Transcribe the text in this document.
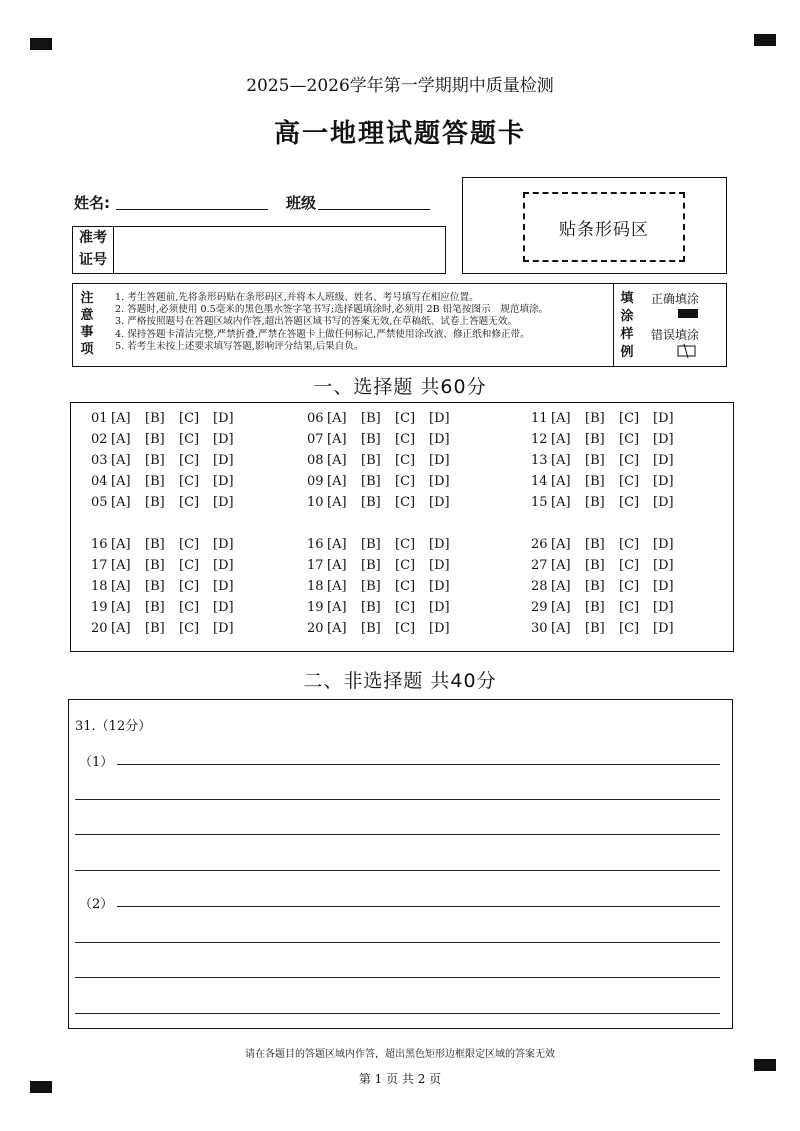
2025—2026学年第一学期期中质量检测
高一地理试题答题卡
姓名:	班级
准考
证号
贴条形码区
注
意
事
项
1. 考生答题前,先将条形码贴在条形码区,并将本人班级、姓名、考号填写在相应位置。
2. 答题时,必须使用 0.5毫米的黑色墨水签字笔书写;选择题填涂时,必须用 2B 铅笔按图示　规范填涂。
3. 严格按照题号在答题区域内作答,超出答题区域书写的答案无效,在草稿纸、试卷上答题无效。
4. 保持答题卡清洁完整,严禁折叠,严禁在答题卡上做任何标记,严禁使用涂改液、修正纸和修正带。
5. 若考生未按上述要求填写答题,影响评分结果,后果自负。
填
涂
样
例
正确填涂
错误填涂
一、选择题 共60分
01 [A] [B] [C] [D]
02 [A] [B] [C] [D]
03 [A] [B] [C] [D]
04 [A] [B] [C] [D]
05 [A] [B] [C] [D]
16 [A] [B] [C] [D]
17 [A] [B] [C] [D]
18 [A] [B] [C] [D]
19 [A] [B] [C] [D]
20 [A] [B] [C] [D]
06 [A] [B] [C] [D]
07 [A] [B] [C] [D]
08 [A] [B] [C] [D]
09 [A] [B] [C] [D]
10 [A] [B] [C] [D]
16 [A] [B] [C] [D]
17 [A] [B] [C] [D]
18 [A] [B] [C] [D]
19 [A] [B] [C] [D]
20 [A] [B] [C] [D]
11 [A] [B] [C] [D]
12 [A] [B] [C] [D]
13 [A] [B] [C] [D]
14 [A] [B] [C] [D]
15 [A] [B] [C] [D]
26 [A] [B] [C] [D]
27 [A] [B] [C] [D]
28 [A] [B] [C] [D]
29 [A] [B] [C] [D]
30 [A] [B] [C] [D]
二、非选择题 共40分
31.（12分）
（1）
（2）
请在各题目的答题区域内作答，超出黑色矩形边框限定区域的答案无效
第 1 页 共 2 页
